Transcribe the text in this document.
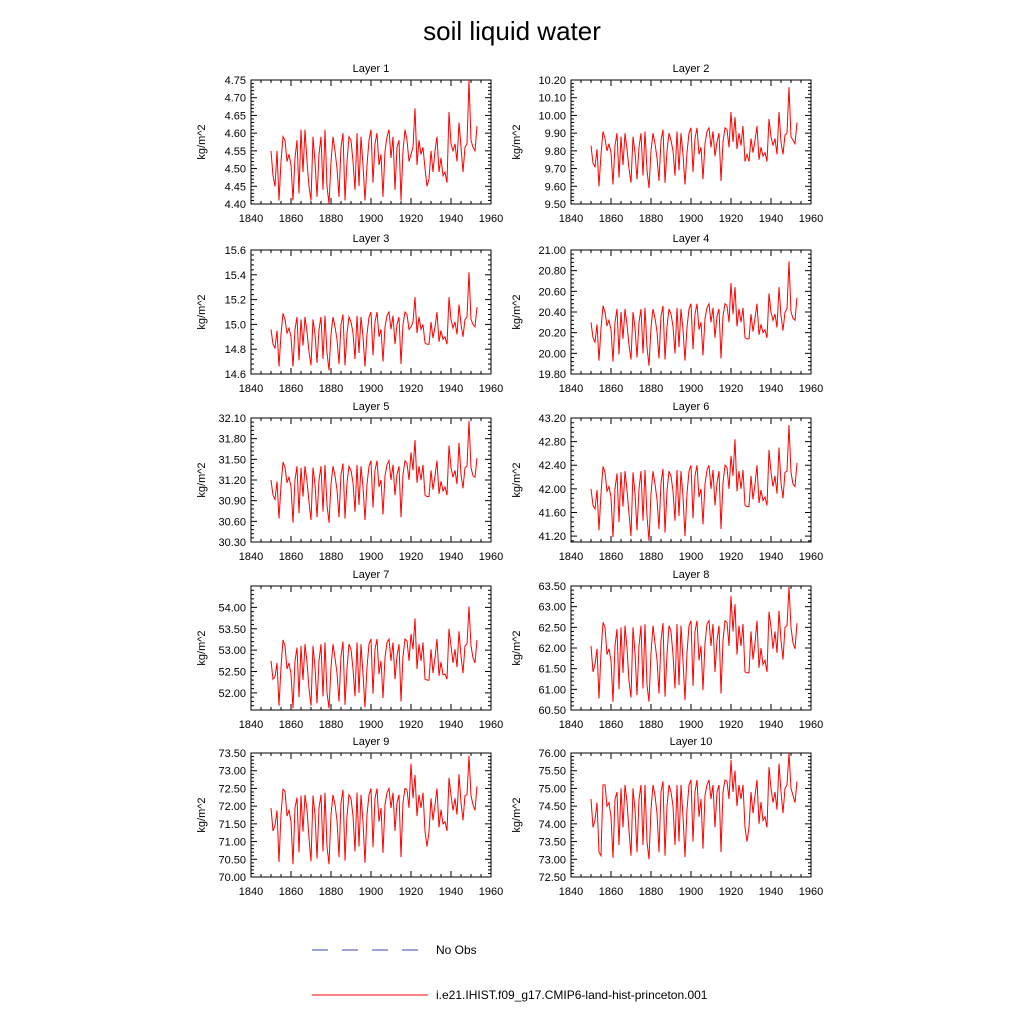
soil liquid water
Layer 1
1840 1860 1880 1900 1920 1940 1960
4.40
4.45
4.50
4.55
4.60
4.65
4.70
4.75
kg/m^2
Layer 2
1840 1860 1880 1900 1920 1940 1960
9.50
9.60
9.70
9.80
9.90
10.00
10.10
10.20
kg/m^2
Layer 3
1840 1860 1880 1900 1920 1940 1960
14.6
14.8
15.0
15.2
15.4
15.6
kg/m^2
Layer 4
1840 1860 1880 1900 1920 1940 1960
19.80
20.00
20.20
20.40
20.60
20.80
21.00
kg/m^2
Layer 5
1840 1860 1880 1900 1920 1940 1960
30.30
30.60
30.90
31.20
31.50
31.80
32.10
kg/m^2
Layer 6
1840 1860 1880 1900 1920 1940 1960
41.20
41.60
42.00
42.40
42.80
43.20
kg/m^2
Layer 7
1840 1860 1880 1900 1920 1940 1960
52.00
52.50
53.00
53.50
54.00
kg/m^2
Layer 8
1840 1860 1880 1900 1920 1940 1960
60.50
61.00
61.50
62.00
62.50
63.00
63.50
kg/m^2
Layer 9
1840 1860 1880 1900 1920 1940 1960
70.00
70.50
71.00
71.50
72.00
72.50
73.00
73.50
kg/m^2
Layer 10
1840 1860 1880 1900 1920 1940 1960
72.50
73.00
73.50
74.00
74.50
75.00
75.50
76.00
kg/m^2
No Obs
i.e21.IHIST.f09_g17.CMIP6-land-hist-princeton.001
